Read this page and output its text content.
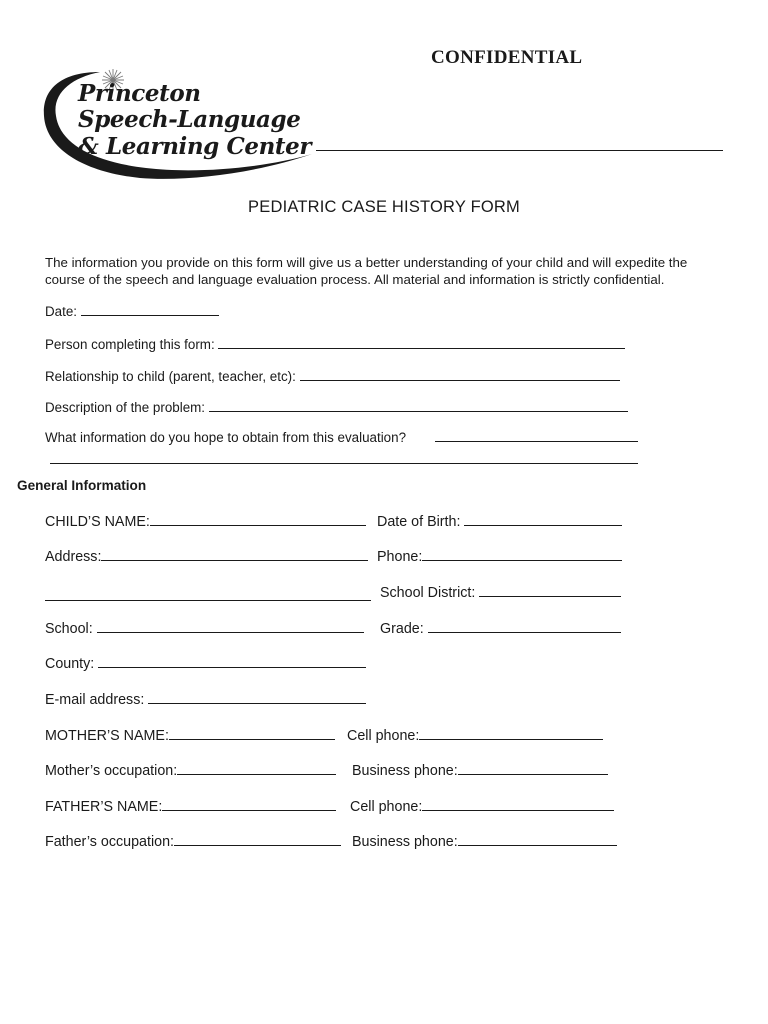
CONFIDENTIAL
Princeton
Speech-Language
& Learning Center
PEDIATRIC CASE HISTORY FORM
The information you provide on this form will give us a better understanding of your child and will expedite the
course of the speech and language evaluation process. All material and information is strictly confidential.
Date:
Person completing this form:
Relationship to child (parent, teacher, etc):
Description of the problem:
What information do you hope to obtain from this evaluation?
General Information
CHILD’S NAME:	Date of Birth:
Address:	Phone:
School District:
School:	Grade:
County:
E-mail address:
MOTHER’S NAME:	Cell phone:
Mother’s occupation:	Business phone:
FATHER’S NAME:	Cell phone:
Father’s occupation:	Business phone:
